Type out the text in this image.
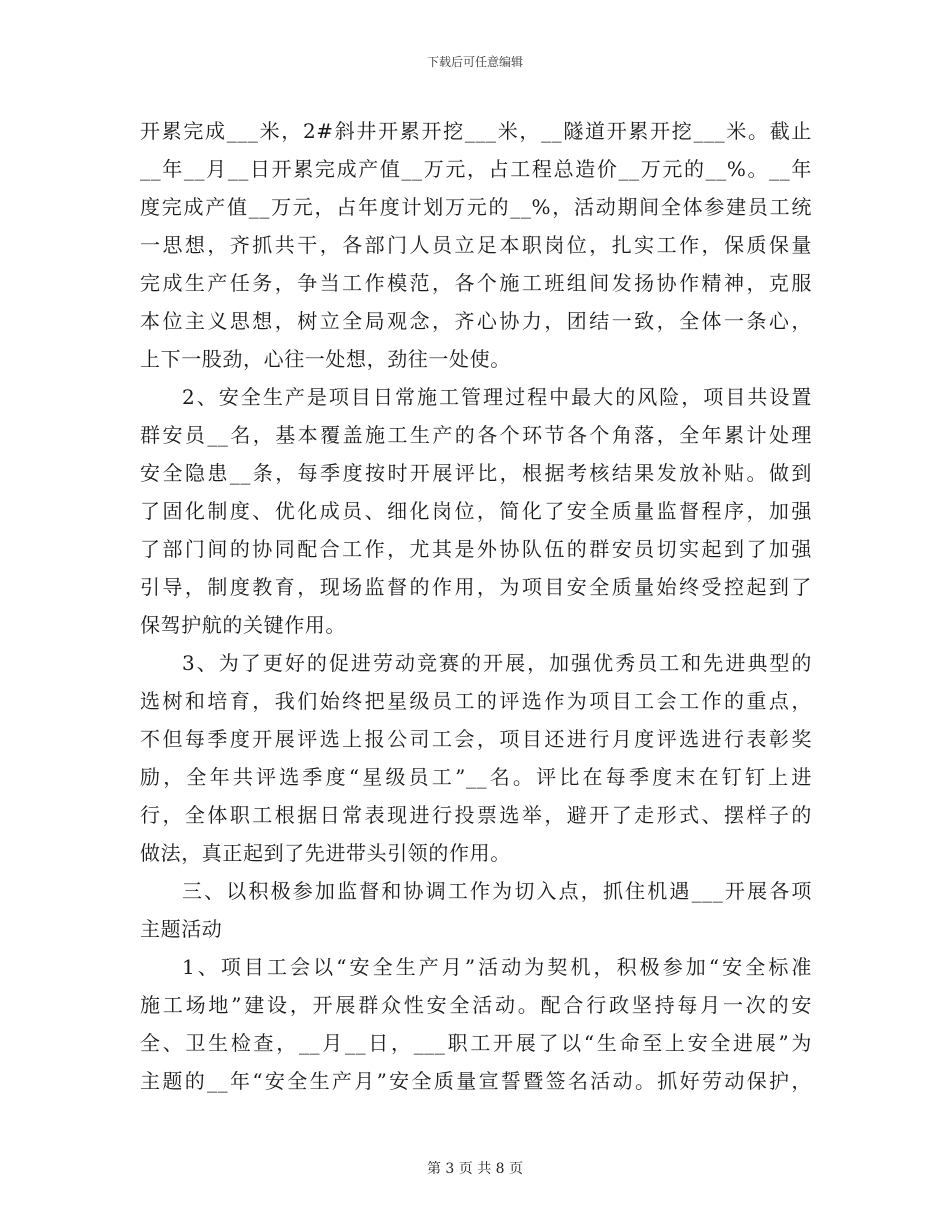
下载后可任意编辑
开累完成___米，2#斜井开累开挖___米，__隧道开累开挖___米。截止
__年__月__日开累完成产值__万元，占工程总造价__万元的__%。__年
度完成产值__万元，占年度计划万元的__%，活动期间全体参建员工统
一思想，齐抓共干，各部门人员立足本职岗位，扎实工作，保质保量
完成生产任务，争当工作模范，各个施工班组间发扬协作精神，克服
本位主义思想，树立全局观念，齐心协力，团结一致，全体一条心，
上下一股劲，心往一处想，劲往一处使。
2、安全生产是项目日常施工管理过程中最大的风险，项目共设置
群安员__名，基本覆盖施工生产的各个环节各个角落，全年累计处理
安全隐患__条，每季度按时开展评比，根据考核结果发放补贴。做到
了固化制度、优化成员、细化岗位，简化了安全质量监督程序，加强
了部门间的协同配合工作，尤其是外协队伍的群安员切实起到了加强
引导，制度教育，现场监督的作用，为项目安全质量始终受控起到了
保驾护航的关键作用。
3、为了更好的促进劳动竞赛的开展，加强优秀员工和先进典型的
选树和培育，我们始终把星级员工的评选作为项目工会工作的重点，
不但每季度开展评选上报公司工会，项目还进行月度评选进行表彰奖
励，全年共评选季度“星级员工”__名。评比在每季度末在钉钉上进
行，全体职工根据日常表现进行投票选举，避开了走形式、摆样子的
做法，真正起到了先进带头引领的作用。
三、以积极参加监督和协调工作为切入点，抓住机遇___开展各项
主题活动
1、项目工会以“安全生产月”活动为契机，积极参加“安全标准
施工场地”建设，开展群众性安全活动。配合行政坚持每月一次的安
全、卫生检查，__月__日，___职工开展了以“生命至上安全进展”为
主题的__年“安全生产月”安全质量宣誓暨签名活动。抓好劳动保护，
第 3 页 共 8 页
